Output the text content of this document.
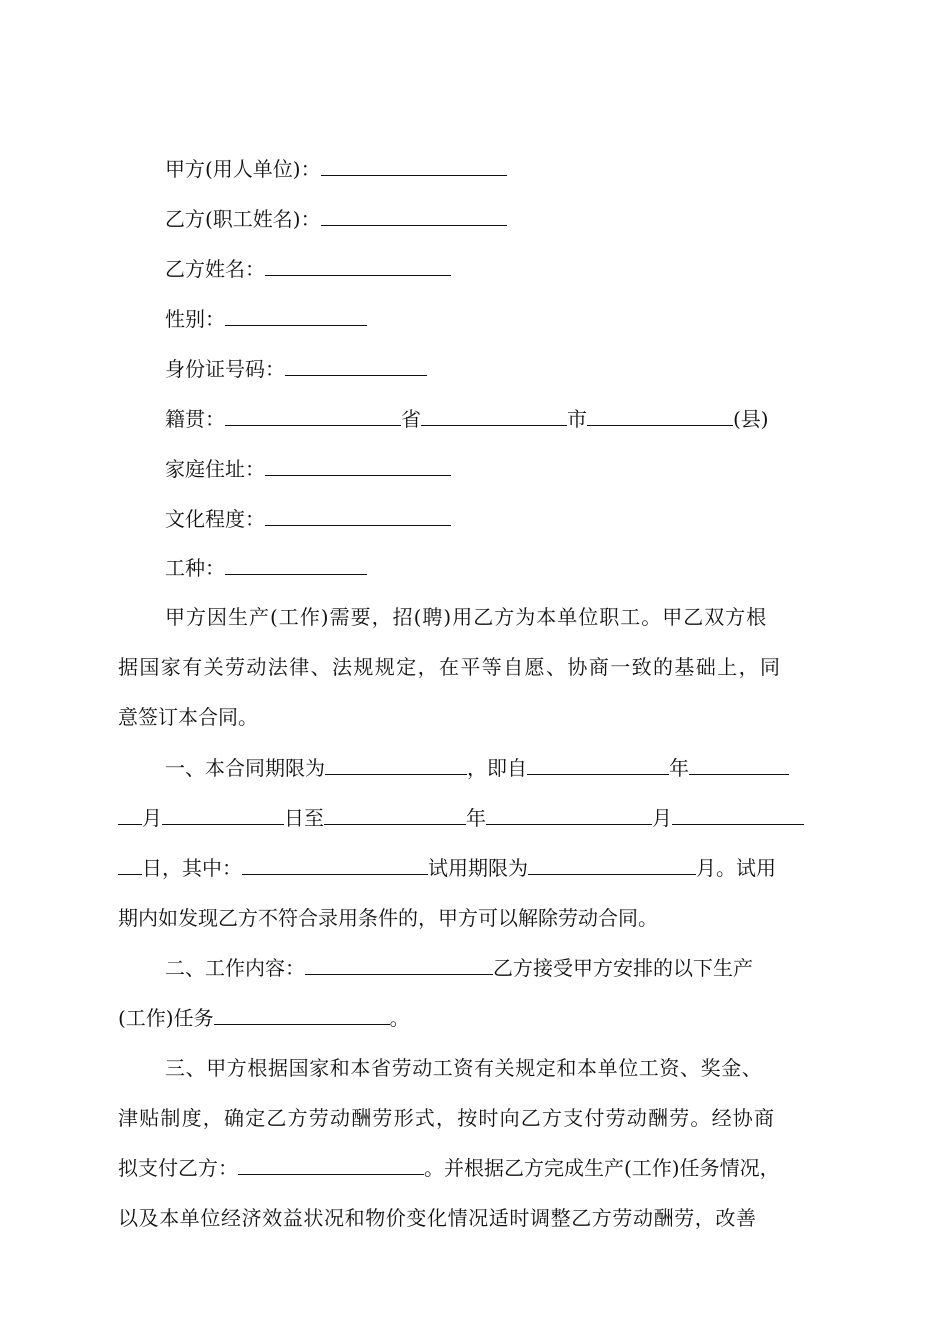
甲方(用人单位)：
乙方(职工姓名)：
乙方姓名：
性别：
身份证号码：
籍贯：	省	市	(县)
家庭住址：
文化程度：
工种：
甲方因生产(工作)需要，招(聘)用乙方为本单位职工。甲乙双方根
据国家有关劳动法律、法规规定，在平等自愿、协商一致的基础上，同
意签订本合同。
一、本合同期限为	，即自	年
月	日至	年	月
日，其中：	试用期限为	月。试用
期内如发现乙方不符合录用条件的，甲方可以解除劳动合同。
二、工作内容：	乙方接受甲方安排的以下生产
(工作)任务	。
三、甲方根据国家和本省劳动工资有关规定和本单位工资、奖金、
津贴制度，确定乙方劳动酬劳形式，按时向乙方支付劳动酬劳。经协商
拟支付乙方：	。并根据乙方完成生产(工作)任务情况，
以及本单位经济效益状况和物价变化情况适时调整乙方劳动酬劳，改善
